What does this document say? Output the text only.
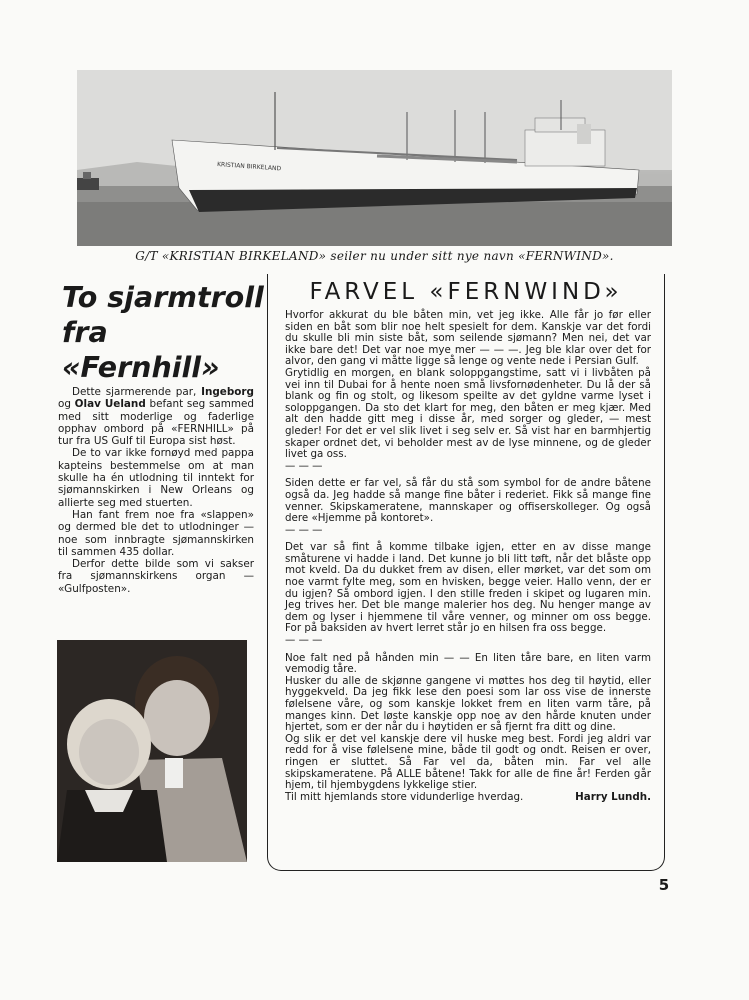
KRISTIAN BIRKELAND
G/T «KRISTIAN BIRKELAND» seiler nu under sitt nye navn «FERNWIND».
To sjarmtroll
fra
«Fernhill»

Dette sjarmerende par, Ingeborg og Olav Ueland befant seg sammed med sitt moderlige og faderlige opphav ombord på «FERNHILL» på tur fra US Gulf til Europa sist høst.

De to var ikke fornøyd med pappa kapteins bestemmelse om at man skulle ha én utlodning til inntekt for sjømannskirken i New Orleans og allierte seg med stuerten.

Han fant frem noe fra «slappen» og dermed ble det to utlodninger — noe som innbragte sjømannskirken til sammen 435 dollar.

Derfor dette bilde som vi sakser fra sjømannskirkens organ — «Gulfposten».

FARVEL «FERNWIND»

Hvorfor akkurat du ble båten min, vet jeg ikke. Alle får jo før eller siden en båt som blir noe helt spesielt for dem. Kanskje var det fordi du skulle bli min siste båt, som seilende sjømann? Men nei, det var ikke bare det! Det var noe mye mer — — —. Jeg ble klar over det for alvor, den gang vi måtte ligge så lenge og vente nede i Persian Gulf.

Grytidlig en morgen, en blank soloppgangstime, satt vi i livbåten på vei inn til Dubai for å hente noen små livsfornødenheter. Du lå der så blank og fin og stolt, og likesom speilte av det gyldne varme lyset i soloppgangen. Da sto det klart for meg, den båten er meg kjær. Med alt den hadde gitt meg i disse år, med sorger og gleder, — mest gleder! For det er vel slik livet i seg selv er. Så vist har en barmhjertig skaper ordnet det, vi beholder mest av de lyse minnene, og de gleder livet ga oss.

— — —

Siden dette er far vel, så får du stå som symbol for de andre båtene også da. Jeg hadde så mange fine båter i rederiet. Fikk så mange fine venner. Skipskameratene, mannskaper og offiserskolleger. Og også dere «Hjemme på kontoret».

— — —

Det var så fint å komme tilbake igjen, etter en av disse mange småturene vi hadde i land. Det kunne jo bli litt tøft, når det blåste opp mot kveld. Da du dukket frem av disen, eller mørket, var det som om noe varmt fylte meg, som en hvisken, begge veier. Hallo venn, der er du igjen? Så ombord igjen. I den stille freden i skipet og lugaren min. Jeg trives her. Det ble mange malerier hos deg. Nu henger mange av dem og lyser i hjemmene til våre venner, og minner om oss begge. For på baksiden av hvert lerret står jo en hilsen fra oss begge.

— — —

Noe falt ned på hånden min — — En liten tåre bare, en liten varm vemodig tåre.

Husker du alle de skjønne gangene vi møttes hos deg til høytid, eller hyggekveld. Da jeg fikk lese den poesi som lar oss vise de innerste følelsene våre, og som kanskje lokket frem en liten varm tåre, på manges kinn. Det løste kanskje opp noe av den hårde knuten under hjertet, som er der når du i høytiden er så fjernt fra ditt og dine.

Og slik er det vel kanskje dere vil huske meg best. Fordi jeg aldri var redd for å vise følelsene mine, både til godt og ondt. Reisen er over, ringen er sluttet. Så Far vel da, båten min. Far vel alle skipskameratene. På ALLE båtene! Takk for alle de fine år! Ferden går hjem, til hjembygdens lykkelige stier.

Til mitt hjemlands store vidunderlige hverdag.	Harry Lundh.
5
